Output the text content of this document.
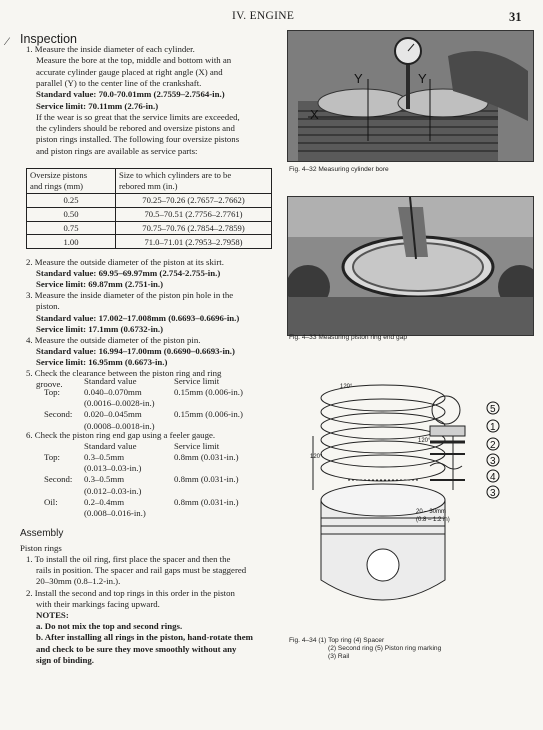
IV. ENGINE	31
⁄ Inspection
1. Measure the inside diameter of each cylinder.
Measure the bore at the top, middle and bottom with an
accurate cylinder gauge placed at right angle (X) and
parallel (Y) to the center line of the crankshaft.
Standard value: 70.0-70.01mm (2.7559–2.7564-in.)
Service limit: 70.11mm (2.76-in.)
If the wear is so great that the service limits are exceeded,
the cylinders should be rebored and oversize pistons and
piston rings installed. The following four oversize pistons
and piston rings are available as service parts:
Oversize pistons
and rings (mm)	Size to which cylinders are to be
rebored mm (in.)
0.25	70.25–70.26 (2.7657–2.7662)
0.50	70.5–70.51 (2.7756–2.7761)
0.75	70.75–70.76 (2.7854–2.7859)
1.00	71.0–71.01 (2.7953–2.7958)
2. Measure the outside diameter of the piston at its skirt.
Standard value: 69.95–69.97mm (2.754-2.755-in.)
Service limit: 69.87mm (2.751-in.)
3. Measure the inside diameter of the piston pin hole in the
piston.
Standard value: 17.002–17.008mm (0.6693–0.6696-in.)
Service limit: 17.1mm (0.6732-in.)
4. Measure the outside diameter of the piston pin.
Standard value: 16.994–17.00mm (0.6690–0.6693-in.)
Service limit: 16.95mm (0.6673-in.)
5. Check the clearance between the piston ring and ring
groove. Standard value	Service limit
Top:	0.040–0.070mm	0.15mm (0.006-in.)
(0.0016–0.0028-in.)
Second: 0.020–0.045mm	0.15mm (0.006-in.)
(0.0008–0.0018-in.)
6. Check the piston ring end gap using a feeler gauge.
Standard value	Service limit
Top:	0.3–0.5mm	0.8mm (0.031-in.)
(0.013–0.03-in.)
Second: 0.3–0.5mm	0.8mm (0.031-in.)
(0.012–0.03-in.)
Oil:	0.2–0.4mm	0.8mm (0.031-in.)
(0.008–0.016-in.)
Assembly
Piston rings
1. To install the oil ring, first place the spacer and then the
rails in position. The spacer and rail gaps must be staggered
20–30mm (0.8–1.2-in.).
2. Install the second and top rings in this order in the piston
with their markings facing upward.
NOTES:
a. Do not mix the top and second rings.
b. After installing all rings in the piston, hand-rotate them
and check to be sure they move smoothly without any
sign of binding.
Y	Y
X
Fig. 4–32 Measuring cylinder bore
Fig. 4–33 Measuring piston ring end gap
1
2
3
4
5
3
120°
120°
120°
20 – 30mm
(0.8 – 1.2 in)
Fig. 4–34 (1) Top ring (4) Spacer
(2) Second ring (5) Piston ring marking
(3) Rail
